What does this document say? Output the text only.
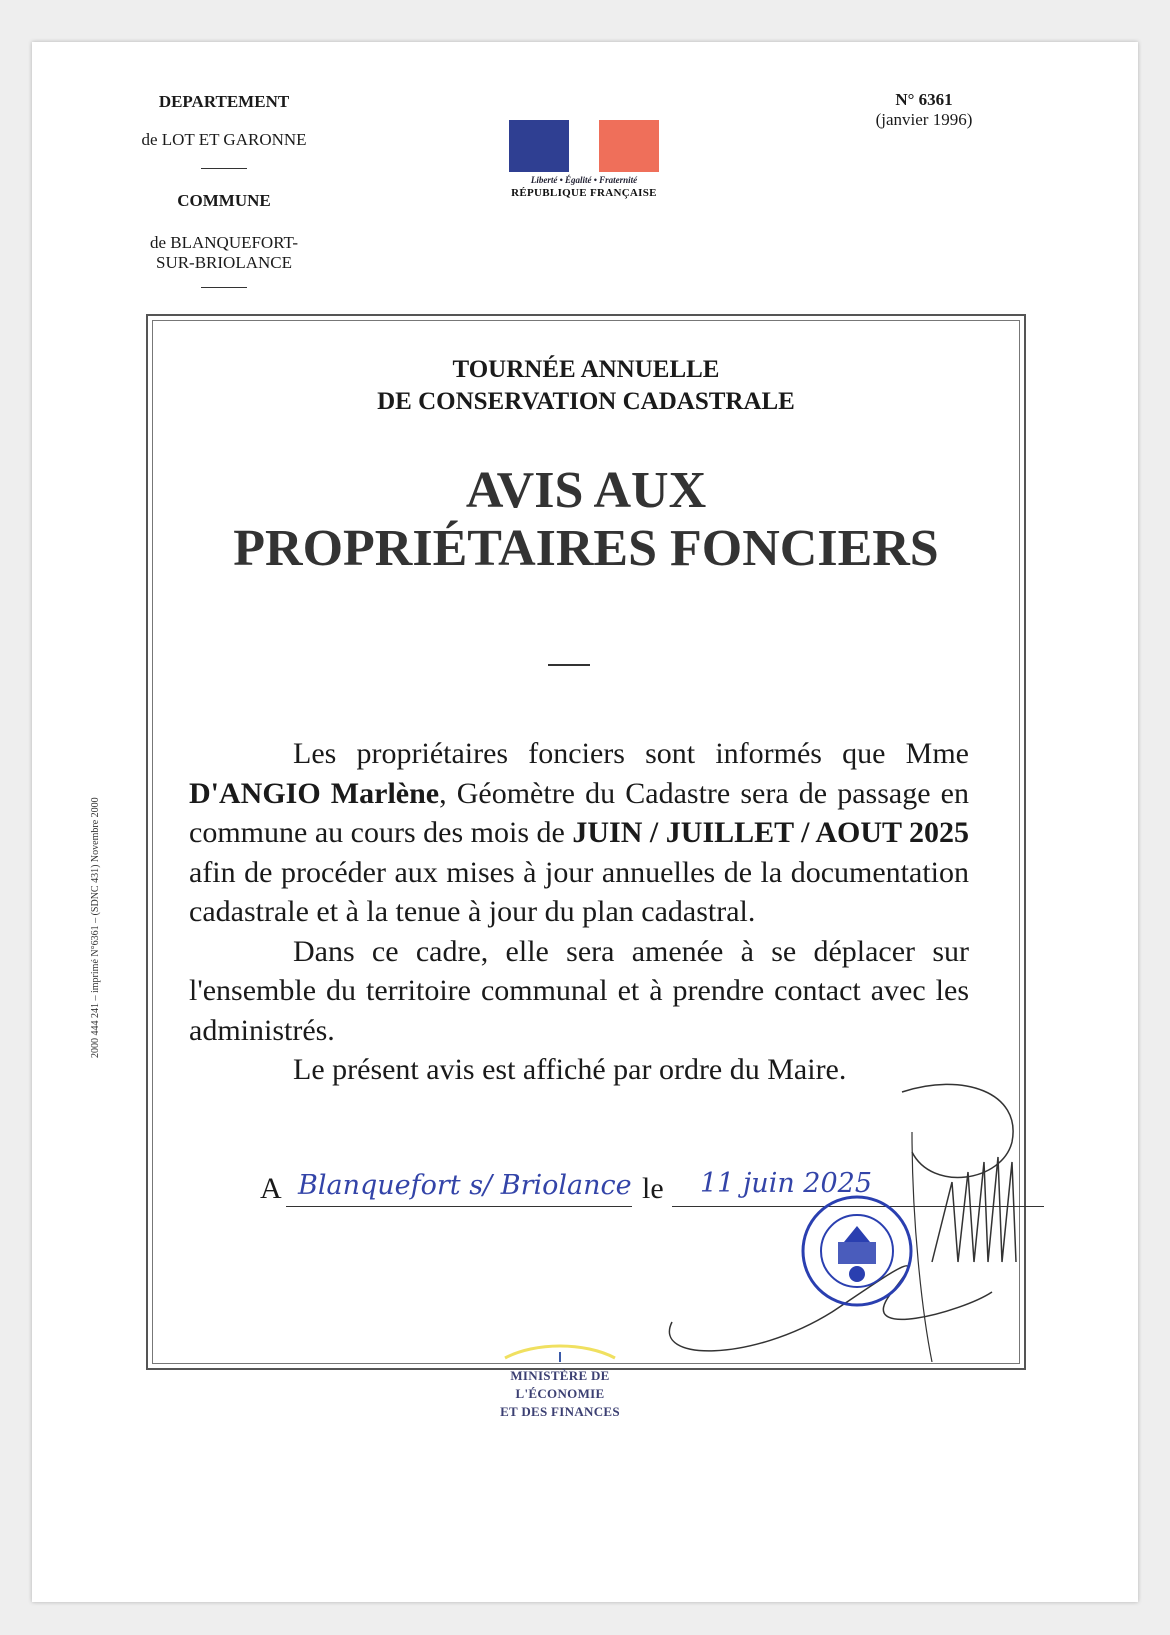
DEPARTEMENT
de LOT ET GARONNE
COMMUNE
de BLANQUEFORT-
SUR-BRIOLANCE
N° 6361
(janvier 1996)
Liberté • Égalité • Fraternité
RÉPUBLIQUE FRANÇAISE
TOURNÉE ANNUELLE
DE CONSERVATION CADASTRALE
AVIS AUX
PROPRIÉTAIRES FONCIERS

Les propriétaires fonciers sont informés que Mme D'ANGIO Marlène, Géomètre du Cadastre sera de passage en commune au cours des mois de JUIN / JUILLET / AOUT 2025 afin de procéder aux mises à jour annuelles de la documentation cadastrale et à la tenue à jour du plan cadastral.

Dans ce cadre, elle sera amenée à se déplacer sur l'ensemble du territoire communal et à prendre contact avec les administrés.

Le présent avis est affiché par ordre du Maire.

A Blanquefort s/ Briolance le 11 juin 2025
2000 444 241 – imprimé N°6361 – (SDNC 431) Novembre 2000
MINISTÈRE DE L'ÉCONOMIE
ET DES FINANCES
